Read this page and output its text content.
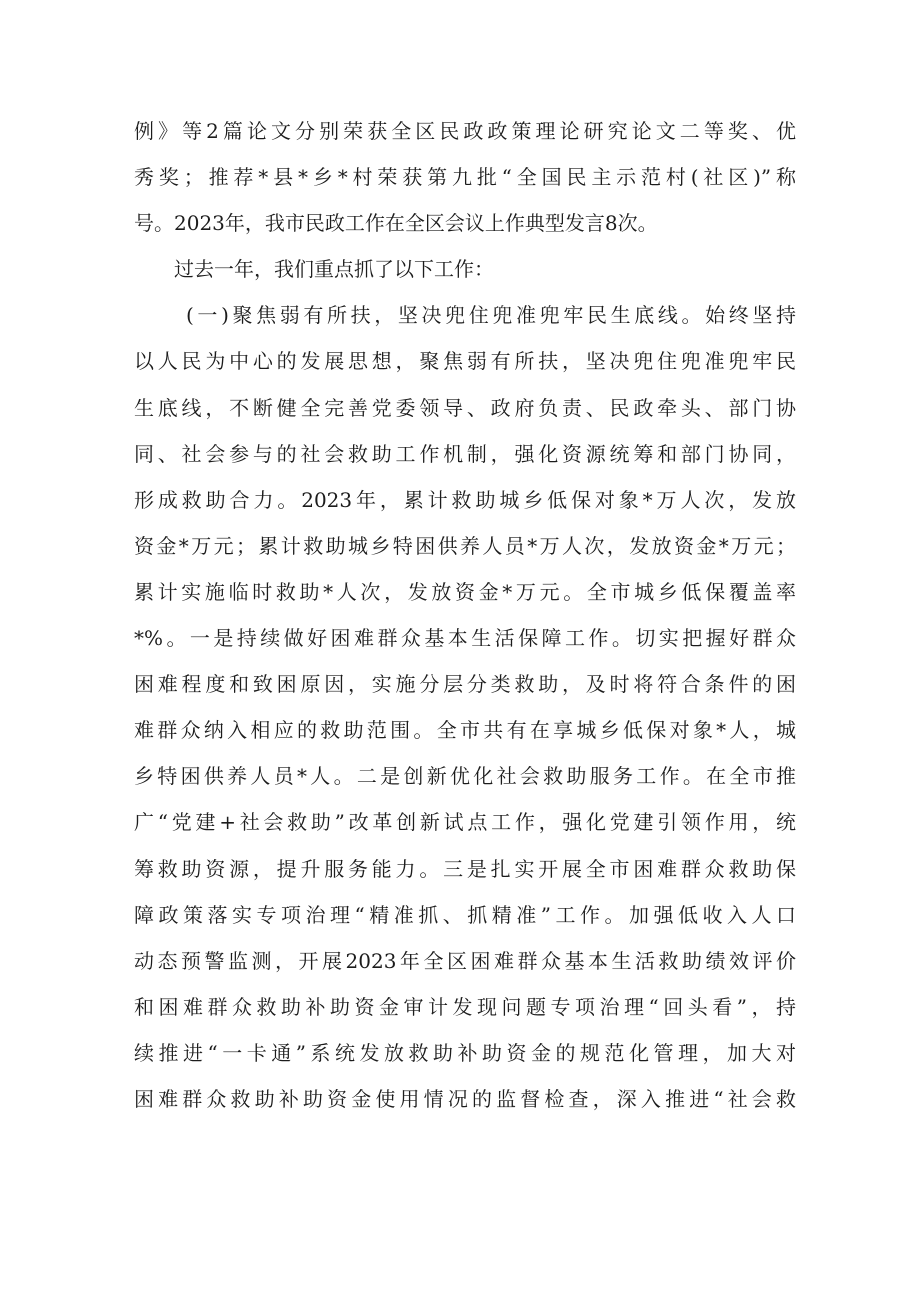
例》等2篇论文分别荣获全区民政政策理论研究论文二等奖、优
秀奖；推荐*县*乡*村荣获第九批“全国民主示范村(社区)”称
号。2023年，我市民政工作在全区会议上作典型发言8次。
过去一年，我们重点抓了以下工作：
(一)聚焦弱有所扶，坚决兜住兜准兜牢民生底线。始终坚持
以人民为中心的发展思想，聚焦弱有所扶，坚决兜住兜准兜牢民
生底线，不断健全完善党委领导、政府负责、民政牵头、部门协
同、社会参与的社会救助工作机制，强化资源统筹和部门协同，
形成救助合力。2023年，累计救助城乡低保对象*万人次，发放
资金*万元；累计救助城乡特困供养人员*万人次，发放资金*万元；
累计实施临时救助*人次，发放资金*万元。全市城乡低保覆盖率
*%。一是持续做好困难群众基本生活保障工作。切实把握好群众
困难程度和致困原因，实施分层分类救助，及时将符合条件的困
难群众纳入相应的救助范围。全市共有在享城乡低保对象*人，城
乡特困供养人员*人。二是创新优化社会救助服务工作。在全市推
广“党建+社会救助”改革创新试点工作，强化党建引领作用，统
筹救助资源，提升服务能力。三是扎实开展全市困难群众救助保
障政策落实专项治理“精准抓、抓精准”工作。加强低收入人口
动态预警监测，开展2023年全区困难群众基本生活救助绩效评价
和困难群众救助补助资金审计发现问题专项治理“回头看”，持
续推进“一卡通”系统发放救助补助资金的规范化管理，加大对
困难群众救助补助资金使用情况的监督检查，深入推进“社会救
